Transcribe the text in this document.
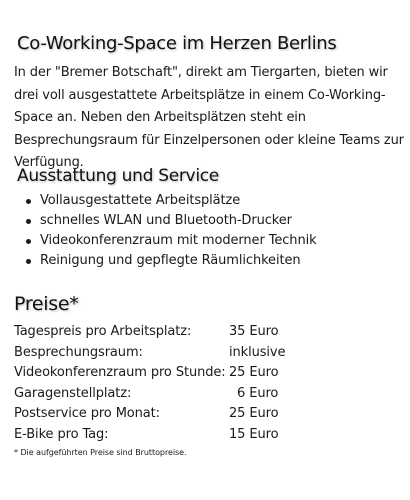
Co-Working-Space im Herzen Berlins

In der "Bremer Botschaft", direkt am Tiergarten, bieten wir drei voll ausgestattete Arbeitsplätze in einem Co-Working-Space an. Neben den Arbeitsplätzen steht ein Besprechungsraum für Einzelpersonen oder kleine Teams zur Verfügung.

Ausstattung und Service
Vollausgestattete Arbeitsplätze
schnelles WLAN und Bluetooth-Drucker
Videokonferenzraum mit moderner Technik
Reinigung und gepflegte Räumlichkeiten
Preise*
Tagespreis pro Arbeitsplatz:	35 Euro
Besprechungsraum:	inklusive
Videokonferenzraum pro Stunde:	25 Euro
Garagenstellplatz:	6 Euro
Postservice pro Monat:	25 Euro
E-Bike pro Tag:	15 Euro

* Die aufgeführten Preise sind Bruttopreise.
